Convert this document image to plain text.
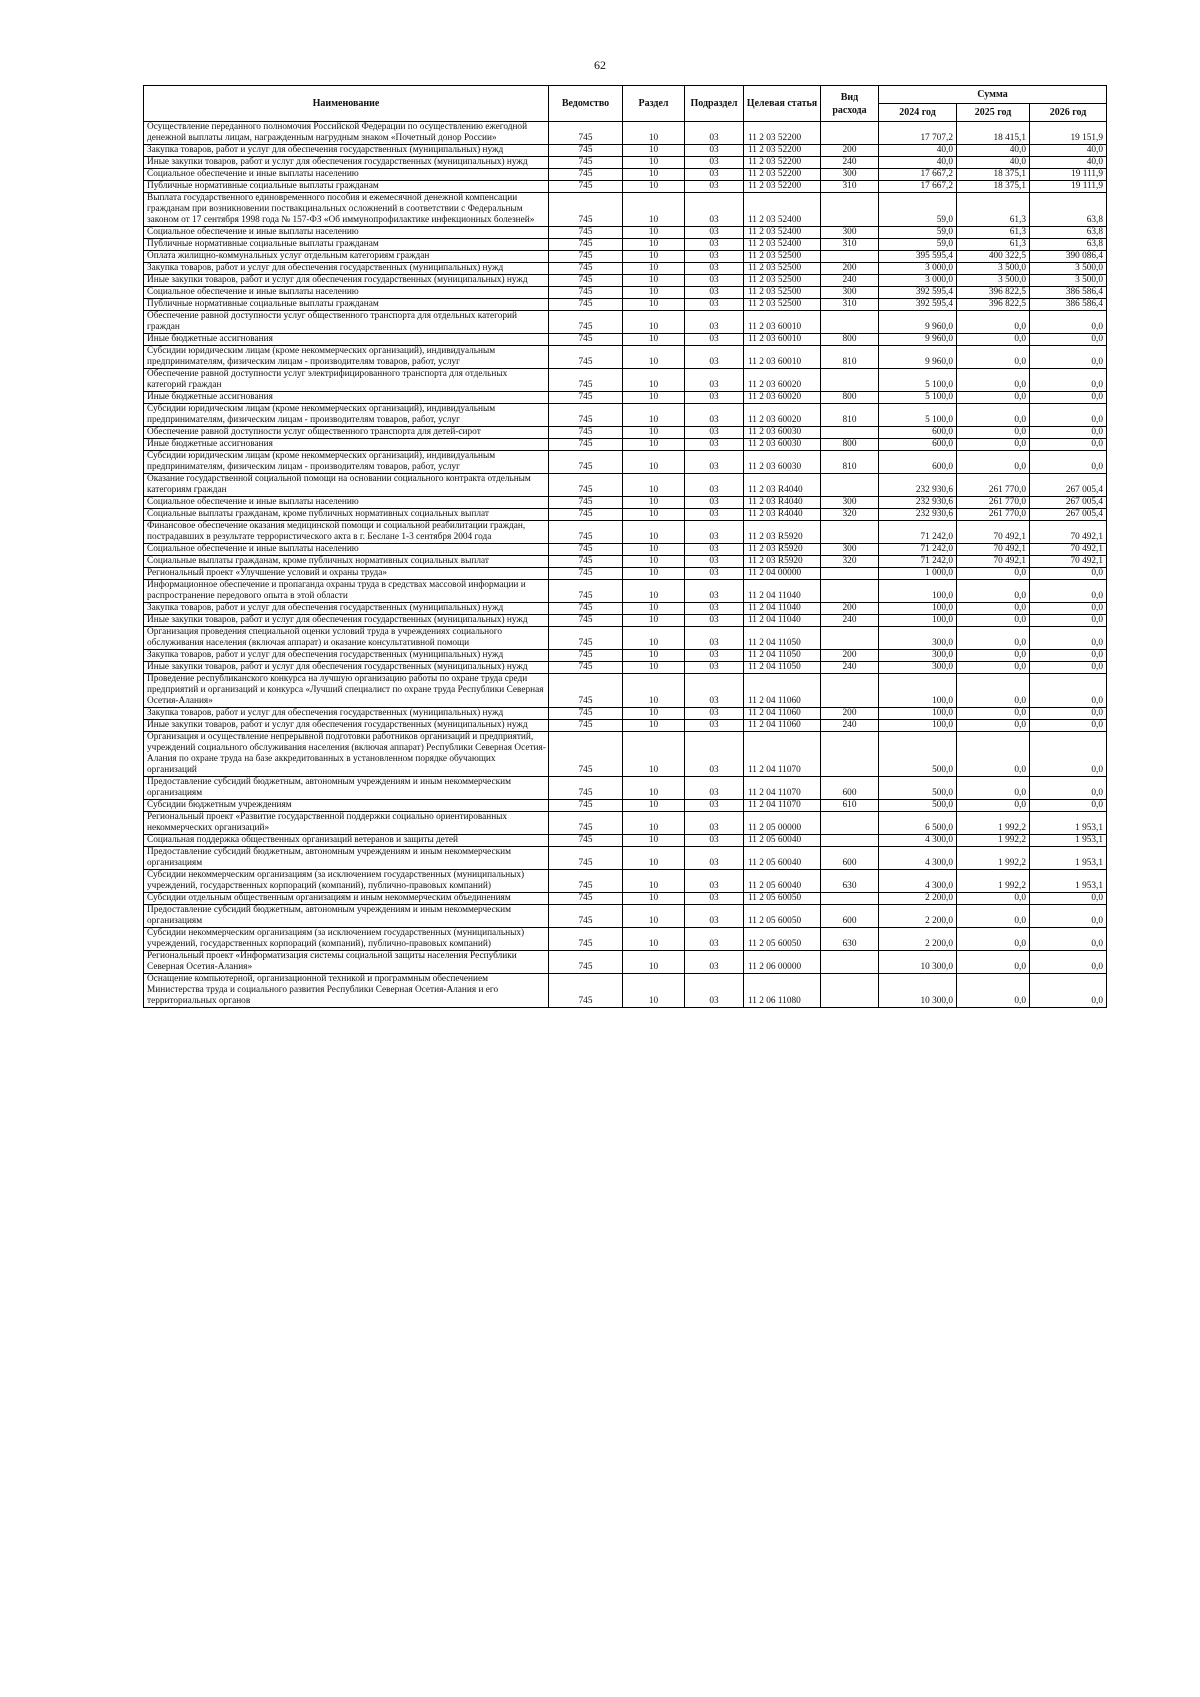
62
Наименование	Ведомство	Раздел	Подраздел	Целевая статья	Вид расхода	Сумма		
						2024 год	2025 год	2026 год
Осуществление переданного полномочия Российской Федерации по осуществлению ежегодной денежной выплаты лицам, награжденным нагрудным знаком «Почетный донор России»	745	10	03	11 2 03 52200		17 707,2	18 415,1	19 151,9
Закупка товаров, работ и услуг для обеспечения государственных (муниципальных) нужд	745	10	03	11 2 03 52200	200	40,0	40,0	40,0
Иные закупки товаров, работ и услуг для обеспечения государственных (муниципальных) нужд	745	10	03	11 2 03 52200	240	40,0	40,0	40,0
Социальное обеспечение и иные выплаты населению	745	10	03	11 2 03 52200	300	17 667,2	18 375,1	19 111,9
Публичные нормативные социальные выплаты гражданам	745	10	03	11 2 03 52200	310	17 667,2	18 375,1	19 111,9
Выплата государственного единовременного пособия и ежемесячной денежной компенсации гражданам при возникновении поствакцинальных осложнений в соответствии с Федеральным законом от 17 сентября 1998 года № 157-ФЗ «Об иммунопрофилактике инфекционных болезней»	745	10	03	11 2 03 52400		59,0	61,3	63,8
Социальное обеспечение и иные выплаты населению	745	10	03	11 2 03 52400	300	59,0	61,3	63,8
Публичные нормативные социальные выплаты гражданам	745	10	03	11 2 03 52400	310	59,0	61,3	63,8
Оплата жилищно-коммунальных услуг отдельным категориям граждан	745	10	03	11 2 03 52500		395 595,4	400 322,5	390 086,4
Закупка товаров, работ и услуг для обеспечения государственных (муниципальных) нужд	745	10	03	11 2 03 52500	200	3 000,0	3 500,0	3 500,0
Иные закупки товаров, работ и услуг для обеспечения государственных (муниципальных) нужд	745	10	03	11 2 03 52500	240	3 000,0	3 500,0	3 500,0
Социальное обеспечение и иные выплаты населению	745	10	03	11 2 03 52500	300	392 595,4	396 822,5	386 586,4
Публичные нормативные социальные выплаты гражданам	745	10	03	11 2 03 52500	310	392 595,4	396 822,5	386 586,4
Обеспечение равной доступности услуг общественного транспорта для отдельных категорий граждан	745	10	03	11 2 03 60010		9 960,0	0,0	0,0
Иные бюджетные ассигнования	745	10	03	11 2 03 60010	800	9 960,0	0,0	0,0
Субсидии юридическим лицам (кроме некоммерческих организаций), индивидуальным предпринимателям, физическим лицам - производителям товаров, работ, услуг	745	10	03	11 2 03 60010	810	9 960,0	0,0	0,0
Обеспечение равной доступности услуг электрифицированного транспорта для отдельных категорий граждан	745	10	03	11 2 03 60020		5 100,0	0,0	0,0
Иные бюджетные ассигнования	745	10	03	11 2 03 60020	800	5 100,0	0,0	0,0
Субсидии юридическим лицам (кроме некоммерческих организаций), индивидуальным предпринимателям, физическим лицам - производителям товаров, работ, услуг	745	10	03	11 2 03 60020	810	5 100,0	0,0	0,0
Обеспечение равной доступности услуг общественного транспорта для детей-сирот	745	10	03	11 2 03 60030		600,0	0,0	0,0
Иные бюджетные ассигнования	745	10	03	11 2 03 60030	800	600,0	0,0	0,0
Субсидии юридическим лицам (кроме некоммерческих организаций), индивидуальным предпринимателям, физическим лицам - производителям товаров, работ, услуг	745	10	03	11 2 03 60030	810	600,0	0,0	0,0
Оказание государственной социальной помощи на основании социального контракта отдельным категориям граждан	745	10	03	11 2 03 R4040		232 930,6	261 770,0	267 005,4
Социальное обеспечение и иные выплаты населению	745	10	03	11 2 03 R4040	300	232 930,6	261 770,0	267 005,4
Социальные выплаты гражданам, кроме публичных нормативных социальных выплат	745	10	03	11 2 03 R4040	320	232 930,6	261 770,0	267 005,4
Финансовое обеспечение оказания медицинской помощи и социальной реабилитации граждан, пострадавших в результате террористического акта в г. Беслане 1-3 сентября 2004 года	745	10	03	11 2 03 R5920		71 242,0	70 492,1	70 492,1
Социальное обеспечение и иные выплаты населению	745	10	03	11 2 03 R5920	300	71 242,0	70 492,1	70 492,1
Социальные выплаты гражданам, кроме публичных нормативных социальных выплат	745	10	03	11 2 03 R5920	320	71 242,0	70 492,1	70 492,1
Региональный проект «Улучшение условий и охраны труда»	745	10	03	11 2 04 00000		1 000,0	0,0	0,0
Информационное обеспечение и пропаганда охраны труда в средствах массовой информации и распространение передового опыта в этой области	745	10	03	11 2 04 11040		100,0	0,0	0,0
Закупка товаров, работ и услуг для обеспечения государственных (муниципальных) нужд	745	10	03	11 2 04 11040	200	100,0	0,0	0,0
Иные закупки товаров, работ и услуг для обеспечения государственных (муниципальных) нужд	745	10	03	11 2 04 11040	240	100,0	0,0	0,0
Организация проведения специальной оценки условий труда в учреждениях социального обслуживания населения (включая аппарат) и оказание консультативной помощи	745	10	03	11 2 04 11050		300,0	0,0	0,0
Закупка товаров, работ и услуг для обеспечения государственных (муниципальных) нужд	745	10	03	11 2 04 11050	200	300,0	0,0	0,0
Иные закупки товаров, работ и услуг для обеспечения государственных (муниципальных) нужд	745	10	03	11 2 04 11050	240	300,0	0,0	0,0
Проведение республиканского конкурса на лучшую организацию работы по охране труда среди предприятий и организаций и конкурса «Лучший специалист по охране труда Республики Северная Осетия-Алания»	745	10	03	11 2 04 11060		100,0	0,0	0,0
Закупка товаров, работ и услуг для обеспечения государственных (муниципальных) нужд	745	10	03	11 2 04 11060	200	100,0	0,0	0,0
Иные закупки товаров, работ и услуг для обеспечения государственных (муниципальных) нужд	745	10	03	11 2 04 11060	240	100,0	0,0	0,0
Организация и осуществление непрерывной подготовки работников организаций и предприятий, учреждений социального обслуживания населения (включая аппарат) Республики Северная Осетия-Алания по охране труда на базе аккредитованных в установленном порядке обучающих организаций	745	10	03	11 2 04 11070		500,0	0,0	0,0
Предоставление субсидий бюджетным, автономным учреждениям и иным некоммерческим организациям	745	10	03	11 2 04 11070	600	500,0	0,0	0,0
Субсидии бюджетным учреждениям	745	10	03	11 2 04 11070	610	500,0	0,0	0,0
Региональный проект «Развитие государственной поддержки социально ориентированных некоммерческих организаций»	745	10	03	11 2 05 00000		6 500,0	1 992,2	1 953,1
Социальная поддержка общественных организаций ветеранов и защиты детей	745	10	03	11 2 05 60040		4 300,0	1 992,2	1 953,1
Предоставление субсидий бюджетным, автономным учреждениям и иным некоммерческим организациям	745	10	03	11 2 05 60040	600	4 300,0	1 992,2	1 953,1
Субсидии некоммерческим организациям (за исключением государственных (муниципальных) учреждений, государственных корпораций (компаний), публично-правовых компаний)	745	10	03	11 2 05 60040	630	4 300,0	1 992,2	1 953,1
Субсидии отдельным общественным организациям и иным некоммерческим объединениям	745	10	03	11 2 05 60050		2 200,0	0,0	0,0
Предоставление субсидий бюджетным, автономным учреждениям и иным некоммерческим организациям	745	10	03	11 2 05 60050	600	2 200,0	0,0	0,0
Субсидии некоммерческим организациям (за исключением государственных (муниципальных) учреждений, государственных корпораций (компаний), публично-правовых компаний)	745	10	03	11 2 05 60050	630	2 200,0	0,0	0,0
Региональный проект «Информатизация системы социальной защиты населения Республики Северная Осетия-Алания»	745	10	03	11 2 06 00000		10 300,0	0,0	0,0
Оснащение компьютерной, организационной техникой и программным обеспечением Министерства труда и социального развития Республики Северная Осетия-Алания и его территориальных органов	745	10	03	11 2 06 11080		10 300,0	0,0	0,0
